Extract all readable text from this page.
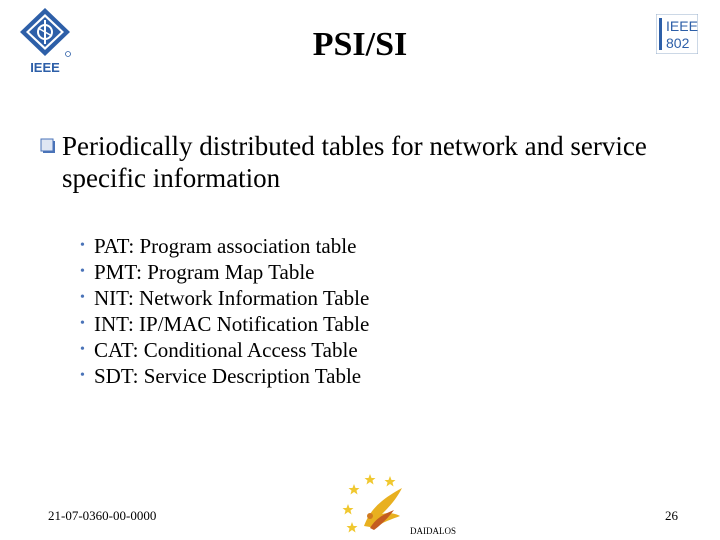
IEEE
IEEE
802
PSI/SI
Periodically distributed tables for network and service specific information
• PAT: Program association table
• PMT: Program Map Table
• NIT: Network Information Table
• INT: IP/MAC Notification Table
• CAT: Conditional Access Table
• SDT: Service Description Table
21-07-0360-00-0000
DAIDALOS
26
